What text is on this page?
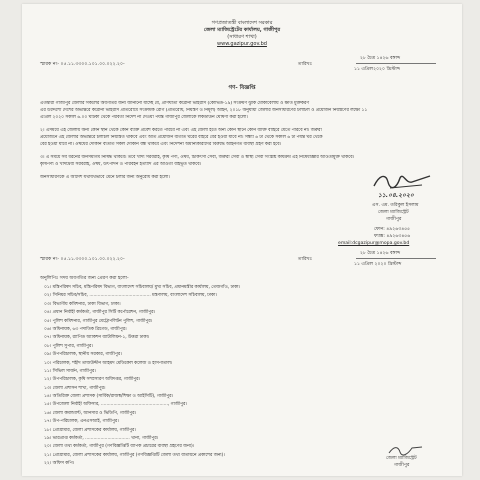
গণপ্রজাতন্ত্রী বাংলাদেশ সরকার
জেলা ম্যাজিস্ট্রেটের কার্যালয়, গাজীপুর
(সাধারণ শাখা)
www.gazipur.gov.bd
স্মারক নং- ০৫.১১.৩৩০০.১০১.০০.০২২.২০-	তারিখঃ
২৮ চৈত্র ১৪২৬ বঙ্গাব্দ
১১ এপ্রিল২০২০ খ্রিস্টাব্দ
গণ- বিজ্ঞপ্তি
এতদ্বারা গাজীপুর জেলার সকলের অবগতির জন্য জানানো যাচ্ছে যে, প্রাণঘাতী করোনা ভাইরাস (কোভিড-১৯) সংক্রমণ ঝুঁকি মোকাবেলায় ও ক্ষতি মুক্তকরণ
এর উদ্দেশ্যে দেশের অভ্যন্তরে করোনা ভাইরাস প্রতিরোধে সংক্রামক রোগ (প্রতিরোধ, নিয়ন্ত্রণ ও নির্মূল) আইন, ২০১৮ অনুযায়ী জেলার জনসাধারণের চলাচল ও প্রয়োজন নিয়ন্ত্রণের লক্ষ্যে ১১
এপ্রিল ২০২০ সকাল ৬.০০ ঘটিকা থেকে পরবর্তী নির্দেশ না দেওয়া পর্যন্ত গাজীপুর জেলাকে লকডাউন ঘোষণা করা হলো।
২। এসময়ে এই জেলায় অন্য কোন স্থান থেকে কোন ব্যক্তি প্রবেশ করতে পারবে না এবং এই জেলা হতে অন্য কোন স্থানে কোন ব্যক্তি বাহিরে যেতে পারবে না। জরুরী
প্রয়োজনে এই জেলার অভ্যন্তরে চলাচল নিয়ন্ত্রিত থাকবে এবং অতি প্রয়োজন ব্যতীত ঘরের বাইরে বের হওয়া যাবে না। সন্ধ্যা ৬ টা থেকে সকাল ৬ টা পর্যন্ত ঘর থেকে
বের হওয়া যাবে না। ঔষধের দোকান ব্যতীত সকল দোকান বন্ধ থাকবে এবং নির্দেশনা অমান্যকারীদের বিরুদ্ধে আইনগত ব্যবস্থা গ্রহণ করা হবে।
৩। এ সময়ে সব ধরনের জনসমাগম নিষিদ্ধ থাকবে। তবে খাদ্য সরবরাহ, কৃষি পণ্য, ঔষধ, চিকিৎসা সেবা, জরুরী সেবা ও স্বাস্থ্য সেবা সংশ্লিষ্ট কার্যক্রম এই নিষেধাজ্ঞার আওতামুক্ত থাকবে।
কৃষিপণ্য ও খাদ্যদ্রব্য সরবরাহ, ঔষধ, উৎপাদন ও পরিবহন ইত্যাদি এর আওতা বহির্ভূত থাকবে।
জনসাধারণকে এ আদেশ যথাযথভাবে মেনে চলার জন্য অনুরোধ করা হলো।
১১.০৪.২০২০
এস. এম. তরিকুল ইসলাম
জেলা ম্যাজিস্ট্রেট
গাজীপুর
ফোন: ৪৯২৬৩৪৫৫
ফ্যাক্স: ৪৯২৬৩৪৫৬
email:dcgazipur@mopa.gov.bd
স্মারক নং- ০৫.১১.৩৩০০.১০১.০০.০২২.২০-	তারিখঃ
২৮ চৈত্র ১৪২৬ বঙ্গাব্দ
১১ এপ্রিল ২০২০ খ্রিস্টাব্দ
অনুলিপিঃ সদয় অবগতির জন্য প্রেরণ করা হলো-
০১। মন্ত্রিপরিষদ সচিব, মন্ত্রিপরিষদ বিভাগ, বাংলাদেশ সচিবালয়/ মুখ্য সচিব, প্রধানমন্ত্রীর কার্যালয়, তেজগাঁও, ঢাকা।
০২। সিনিয়র সচিব/সচিব, ............................................ মন্ত্রণালয়, বাংলাদেশ সচিবালয়, ঢাকা।
০৩। বিভাগীয় কমিশনার, ঢাকা বিভাগ, ঢাকা।
০৪। প্রধান নির্বাহী কর্মকর্তা, গাজীপুর সিটি কর্পোরেশন, গাজীপুর।
০৫। পুলিশ কমিশনার, গাজীপুর মেট্রোপলিটন পুলিশ, গাজীপুর।
০৬। অধিনায়ক, ৬৩ পদাতিক ব্রিগেড, গাজীপুর।
০৭। অধিনায়ক, র‍্যাপিড অ্যাকশন ব্যাটালিয়ন-১, উত্তরা ঢাকা।
০৮। পুলিশ সুপার, গাজীপুর।
০৯। উপপরিচালক, স্থানীয় সরকার, গাজীপুর।
১০। পরিচালক, শহীদ তাজউদ্দীন আহমদ মেডিকেল কলেজ ও হাসপাতাল।
১১। সিভিল সার্জন, গাজীপুর।
১২। উপপরিচালক, কৃষি সম্প্রসারণ অধিদপ্তর, গাজীপুর।
১৩। জেলা প্রশাসন শাখা, গাজীপুর।
১৪। অতিরিক্ত জেলা প্রশাসক (সার্বিক/রাজস্ব/শিক্ষা ও আইসিটি), গাজীপুর।
১৫। উপজেলা নির্বাহী অফিসার, ................................................, গাজীপুর।
১৬। জেলা কমান্ড্যান্ট, আনসার ও ভিডিপি, গাজীপুর।
১৭। উপ-পরিচালক, এনএসআই, গাজীপুর।
১৮। প্রোগ্রামার, জেলা প্রশাসকের কার্যালয়, গাজীপুর।
১৯। ভারপ্রাপ্ত কর্মকর্তা, ................................ থানা, গাজীপুর।
২০। জেলা তথ্য কর্মকর্তা, গাজীপুর (গণবিজ্ঞপ্তিটি ব্যাপক প্রচারের ব্যবস্থা গ্রহণের জন্য)।
২১। প্রোগ্রামার, জেলা প্রশাসকের কার্যালয়, গাজীপুর (গণবিজ্ঞপ্তিটি জেলা তথ্য বাতায়নে প্রকাশের জন্য)।
২২। অফিস কপি।
জেলা ম্যাজিস্ট্রেট
গাজীপুর
